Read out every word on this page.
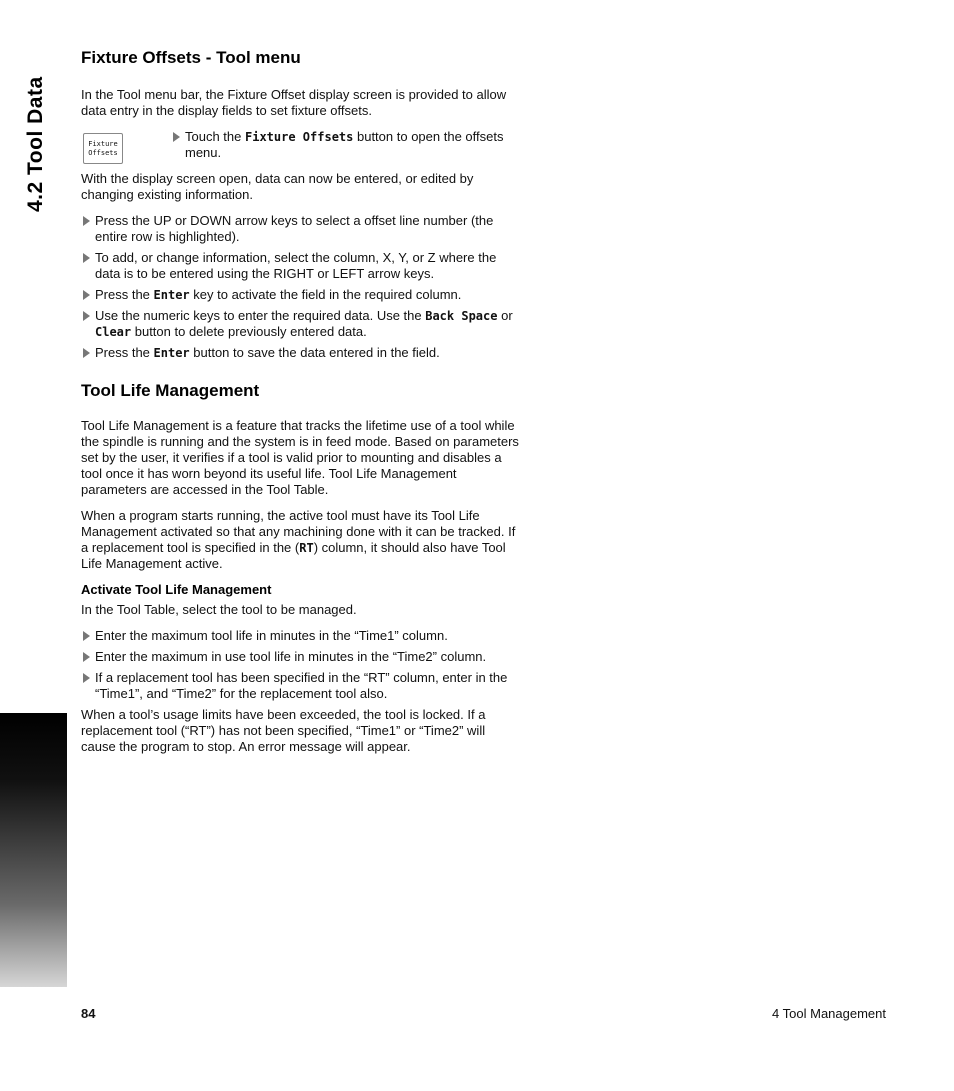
4.2 Tool Data
Fixture Offsets - Tool menu

In the Tool menu bar, the Fixture Offset display screen is provided to allow data entry in the display fields to set fixture offsets.

Fixture
Offsets
Touch the Fixture Offsets button to open the offsets menu.

With the display screen open, data can now be entered, or edited by changing existing information.

Press the UP or DOWN arrow keys to select a offset line number (the entire row is highlighted).
To add, or change information, select the column, X, Y, or Z where the data is to be entered using the RIGHT or LEFT arrow keys.
Press the Enter key to activate the field in the required column.
Use the numeric keys to enter the required data. Use the Back Space or Clear button to delete previously entered data.
Press the Enter button to save the data entered in the field.
Tool Life Management

Tool Life Management is a feature that tracks the lifetime use of a tool while the spindle is running and the system is in feed mode. Based on parameters set by the user, it verifies if a tool is valid prior to mounting and disables a tool once it has worn beyond its useful life. Tool Life Management parameters are accessed in the Tool Table.

When a program starts running, the active tool must have its Tool Life Management activated so that any machining done with it can be tracked. If a replacement tool is specified in the (RT) column, it should also have Tool Life Management active.

Activate Tool Life Management

In the Tool Table, select the tool to be managed.

Enter the maximum tool life in minutes in the “Time1” column.
Enter the maximum in use tool life in minutes in the “Time2” column.
If a replacement tool has been specified in the “RT” column, enter in the “Time1”, and “Time2” for the replacement tool also.

When a tool’s usage limits have been exceeded, the tool is locked. If a replacement tool (“RT”) has not been specified, “Time1” or “Time2” will cause the program to stop. An error message will appear.

84	4 Tool Management
